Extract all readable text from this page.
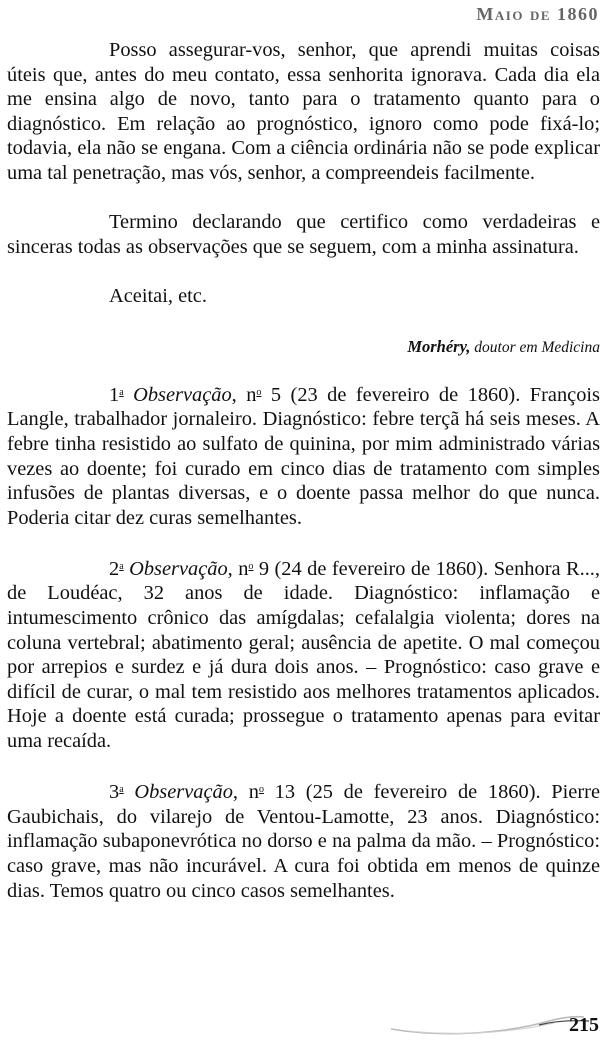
Maio de 1860

Posso assegurar-vos, senhor, que aprendi muitas coisas úteis que, antes do meu contato, essa senhorita ignorava. Cada dia ela me ensina algo de novo, tanto para o tratamento quanto para o diagnóstico. Em relação ao prognóstico, ignoro como pode fixá-lo; todavia, ela não se engana. Com a ciência ordinária não se pode explicar uma tal penetração, mas vós, senhor, a compreendeis facilmente.

Termino declarando que certifico como verdadeiras e sinceras todas as observações que se seguem, com a minha assinatura.

Aceitai, etc.

Morhéry, doutor em Medicina

1$^a$ Observação, $n^o$ 5 (23 de fevereiro de 1860). François Langle, trabalhador jornaleiro. Diagnóstico: febre terçã há seis meses. A febre tinha resistido ao sulfato de quinina, por mim administrado várias vezes ao doente; foi curado em cinco dias de tratamento com simples infusões de plantas diversas, e o doente passa melhor do que nunca. Poderia citar dez curas semelhantes.

2$^a$ Observação, $n^o$ 9 (24 de fevereiro de 1860). Senhora R..., de Loudéac, 32 anos de idade. Diagnóstico: inflamação e intumescimento crônico das amígdalas; cefalalgia violenta; dores na coluna vertebral; abatimento geral; ausência de apetite. O mal começou por arrepios e surdez e já dura dois anos. – Prognóstico: caso grave e difícil de curar, o mal tem resistido aos melhores tratamentos aplicados. Hoje a doente está curada; prossegue o tratamento apenas para evitar uma recaída.

3$^a$ Observação, $n^o$ 13 (25 de fevereiro de 1860). Pierre Gaubichais, do vilarejo de Ventou-Lamotte, 23 anos. Diagnóstico: inflamação subaponevrótica no dorso e na palma da mão. – Prognóstico: caso grave, mas não incurável. A cura foi obtida em menos de quinze dias. Temos quatro ou cinco casos semelhantes.

215
